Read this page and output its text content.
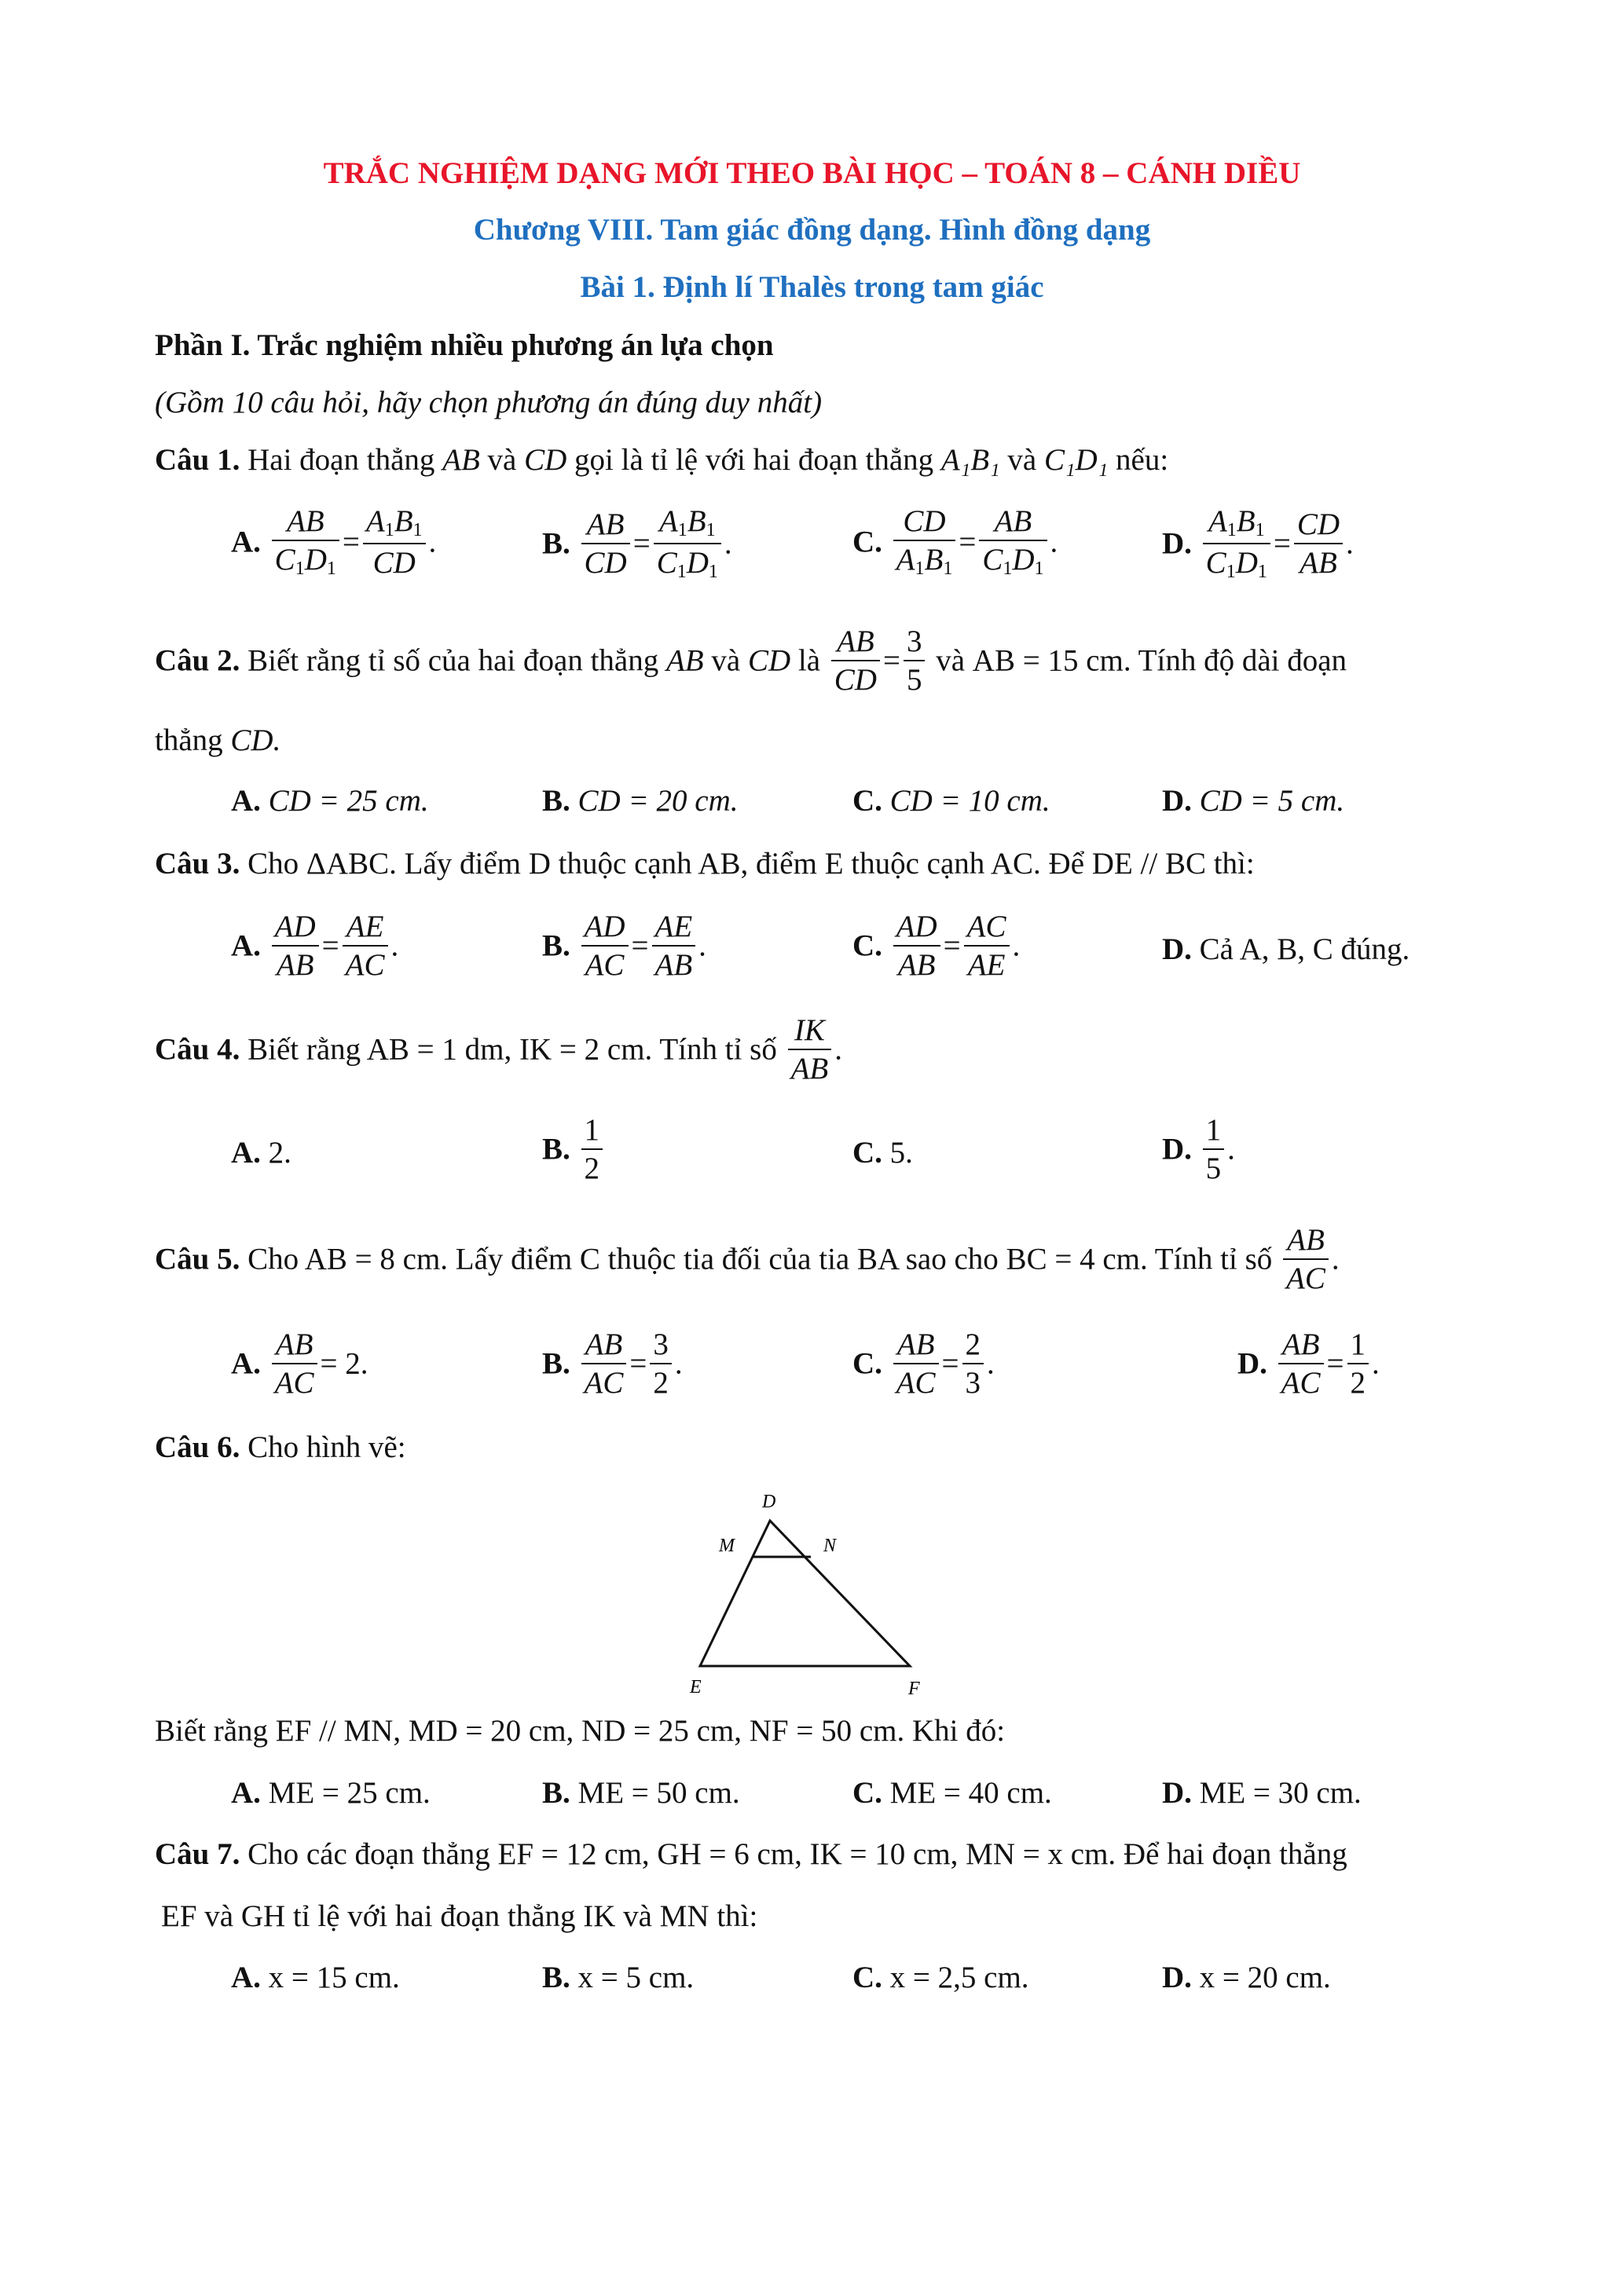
TRẮC NGHIỆM DẠNG MỚI THEO BÀI HỌC – TOÁN 8 – CÁNH DIỀU
Chương VIII. Tam giác đồng dạng. Hình đồng dạng
Bài 1. Định lí Thalès trong tam giác
Phần I. Trắc nghiệm nhiều phương án lựa chọn
(Gồm 10 câu hỏi, hãy chọn phương án đúng duy nhất)
Câu 1. Hai đoạn thẳng AB và CD gọi là tỉ lệ với hai đoạn thẳng A₁B₁ và C₁D₁ nếu:
A. $\frac{AB}{C_1D_1} = \frac{A_1B_1}{CD}$ .	B. $\frac{AB}{CD} = \frac{A_1B_1}{C_1D_1}$ .	C. $\frac{CD}{A_1B_1} = \frac{AB}{C_1D_1}$ .	D. $\frac{A_1B_1}{C_1D_1} = \frac{CD}{AB}$ .
Câu 2. Biết rằng tỉ số của hai đoạn thẳng AB và CD là $\frac{AB}{CD} = \frac{3}{5}$ và AB = 15 cm. Tính độ dài đoạn
thẳng CD.
A. CD = 25 cm.	B. CD = 20 cm.	C. CD = 10 cm.	D. CD = 5 cm.
Câu 3. Cho ΔABC. Lấy điểm D thuộc cạnh AB, điểm E thuộc cạnh AC. Để DE // BC thì:
A. $\frac{AD}{AB} = \frac{AE}{AC}$ .	B. $\frac{AD}{AC} = \frac{AE}{AB}$ .	C. $\frac{AD}{AB} = \frac{AC}{AE}$ .	D. Cả A, B, C đúng.
Câu 4. Biết rằng AB = 1 dm, IK = 2 cm. Tính tỉ số $\frac{IK}{AB}$ .
A. 2.	B. $\frac{1}{2}$	C. 5.	D. $\frac{1}{5}$ .
Câu 5. Cho AB = 8 cm. Lấy điểm C thuộc tia đối của tia BA sao cho BC = 4 cm. Tính tỉ số $\frac{AB}{AC}$ .
A. $\frac{AB}{AC} = 2$.	B. $\frac{AB}{AC} = \frac{3}{2}$ .	C. $\frac{AB}{AC} = \frac{2}{3}$ .	D. $\frac{AB}{AC} = \frac{1}{2}$ .
Câu 6. Cho hình vẽ:
D
M	N
E	F
Biết rằng EF // MN, MD = 20 cm, ND = 25 cm, NF = 50 cm. Khi đó:
A. ME = 25 cm.	B. ME = 50 cm.	C. ME = 40 cm.	D. ME = 30 cm.
Câu 7. Cho các đoạn thẳng EF = 12 cm, GH = 6 cm, IK = 10 cm, MN = x cm. Để hai đoạn thẳng
EF và GH tỉ lệ với hai đoạn thẳng IK và MN thì:
A. x = 15 cm.	B. x = 5 cm.	C. x = 2,5 cm.	D. x = 20 cm.
